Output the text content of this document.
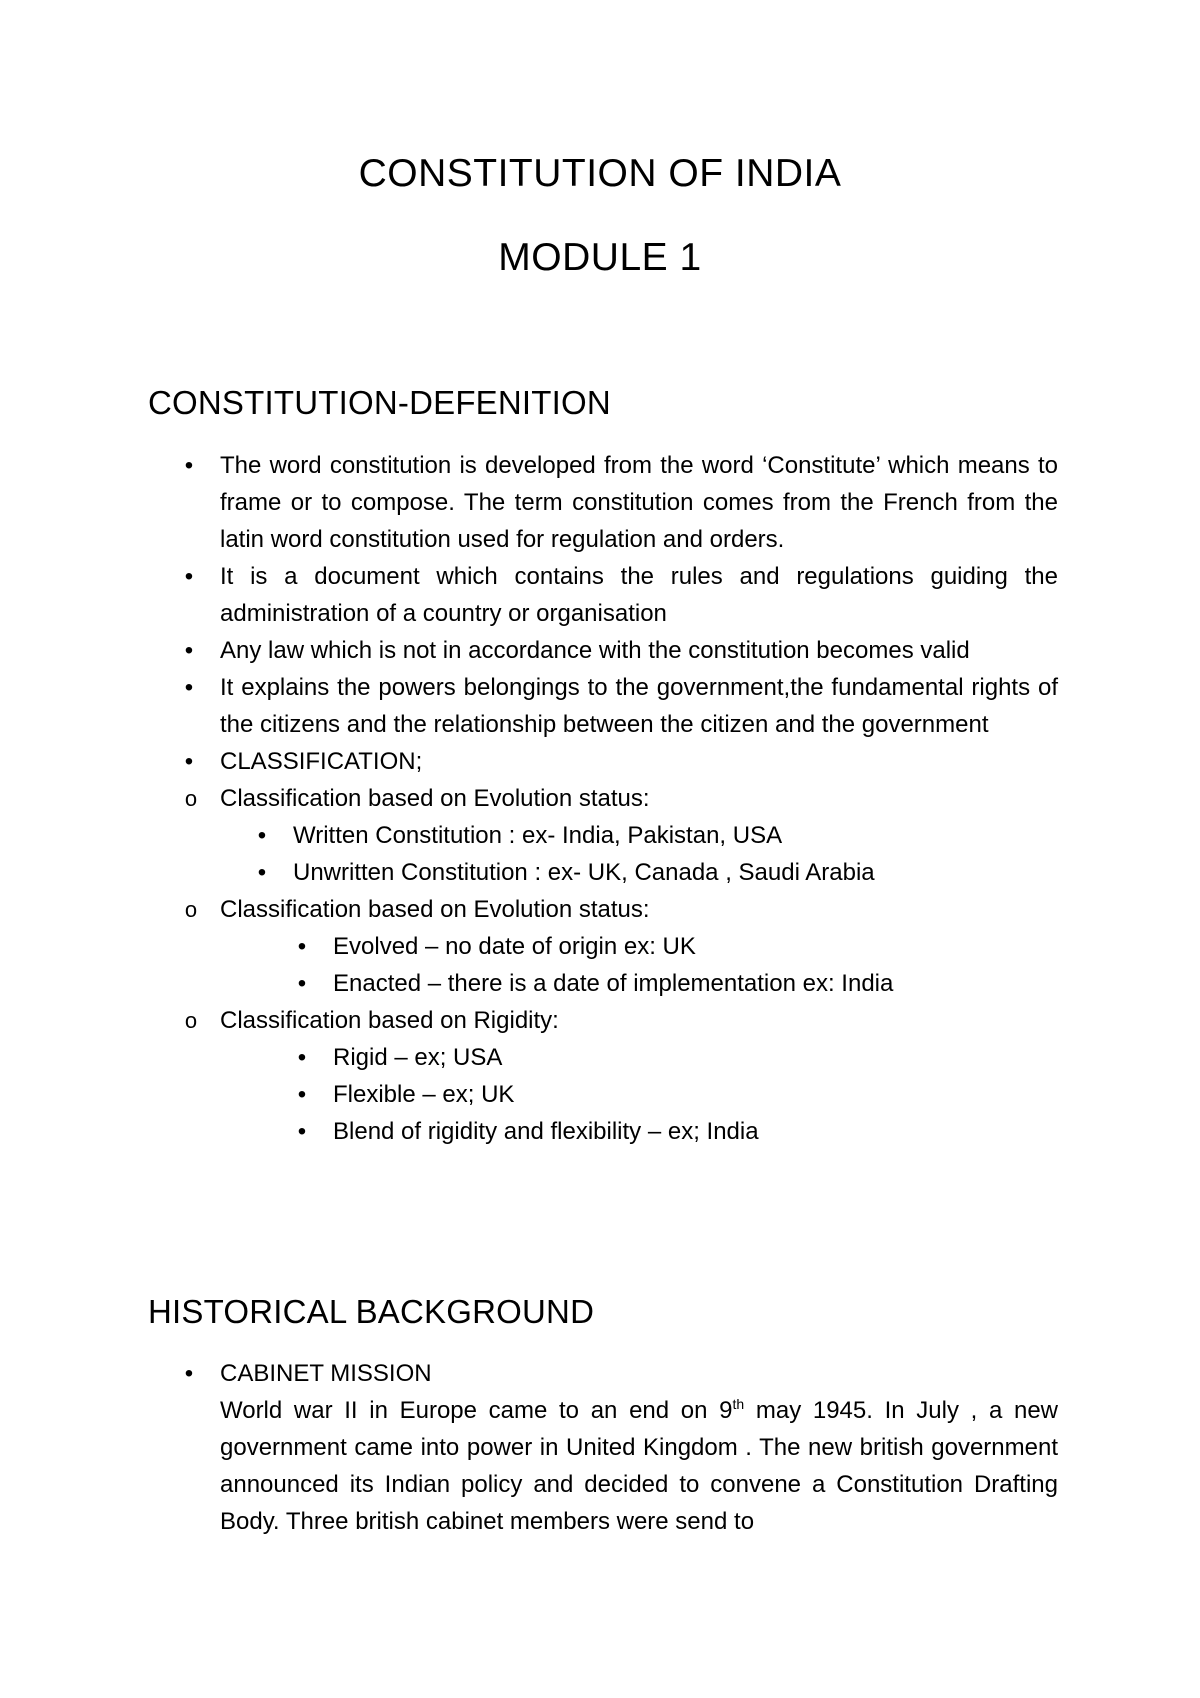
CONSTITUTION OF INDIA
MODULE 1
CONSTITUTION-DEFENITION
•	The word constitution is developed from the word ‘Constitute’ which means to frame or to compose. The term constitution comes from the French from the latin word constitution used for regulation and orders.
•	It is a document which contains the rules and regulations guiding the administration of a country or organisation
•	Any law which is not in accordance with the constitution becomes valid
•	It explains the powers belongings to the government,the fundamental rights of the citizens and the relationship between the citizen and the government
•	CLASSIFICATION;
o Classification based on Evolution status:
•	Written Constitution : ex- India, Pakistan, USA
•	Unwritten Constitution : ex- UK, Canada , Saudi Arabia
o Classification based on Evolution status:
•	Evolved – no date of origin ex: UK
•	Enacted – there is a date of implementation ex: India
o Classification based on Rigidity:
•	Rigid – ex; USA
•	Flexible – ex; UK
•	Blend of rigidity and flexibility – ex; India
HISTORICAL BACKGROUND
•	CABINET MISSION
World war II in Europe came to an end on 9th may 1945. In July , a new government came into power in United Kingdom . The new british government announced its Indian policy and decided to convene a Constitution Drafting Body. Three british cabinet members were send to
